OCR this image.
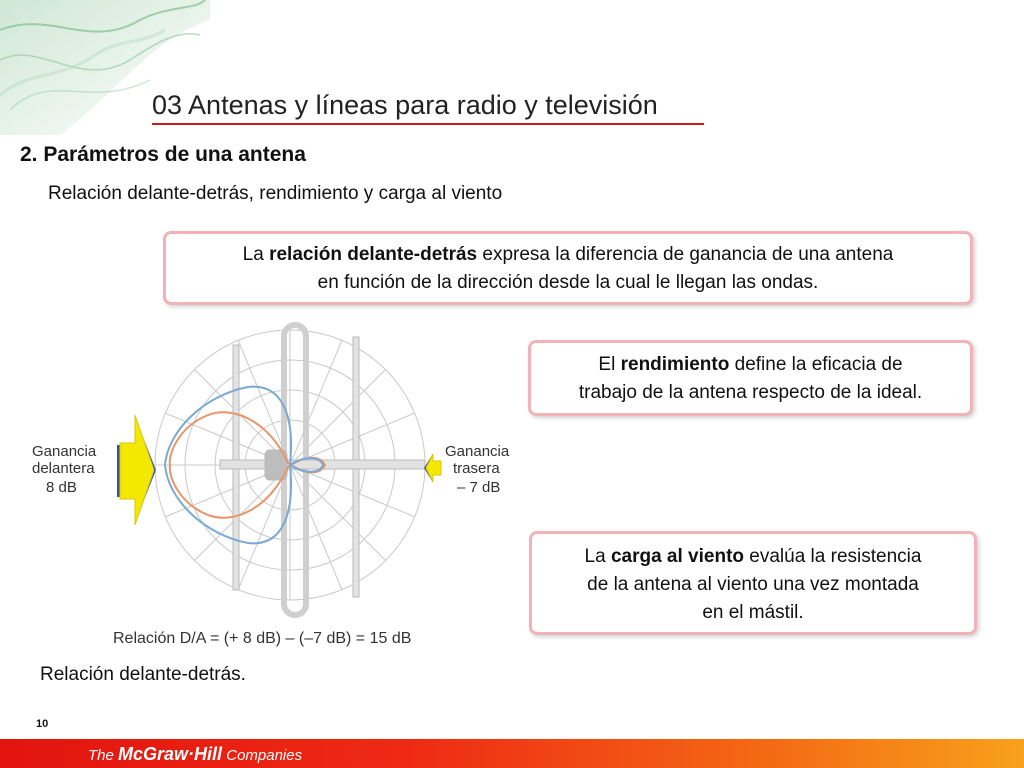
03 Antenas y líneas para radio y televisión
2. Parámetros de una antena
Relación delante-detrás, rendimiento y carga al viento
La relación delante-detrás expresa la diferencia de ganancia de una antena
en función de la dirección desde la cual le llegan las ondas.
El rendimiento define la eficacia de
trabajo de la antena respecto de la ideal.
La carga al viento evalúa la resistencia
de la antena al viento una vez montada
en el mástil.
Ganancia
delantera
8 dB
Ganancia
trasera
– 7 dB
Relación D/A = (+ 8 dB) – (–7 dB) = 15 dB
Relación delante-detrás.
10
The McGraw·Hill Companies
